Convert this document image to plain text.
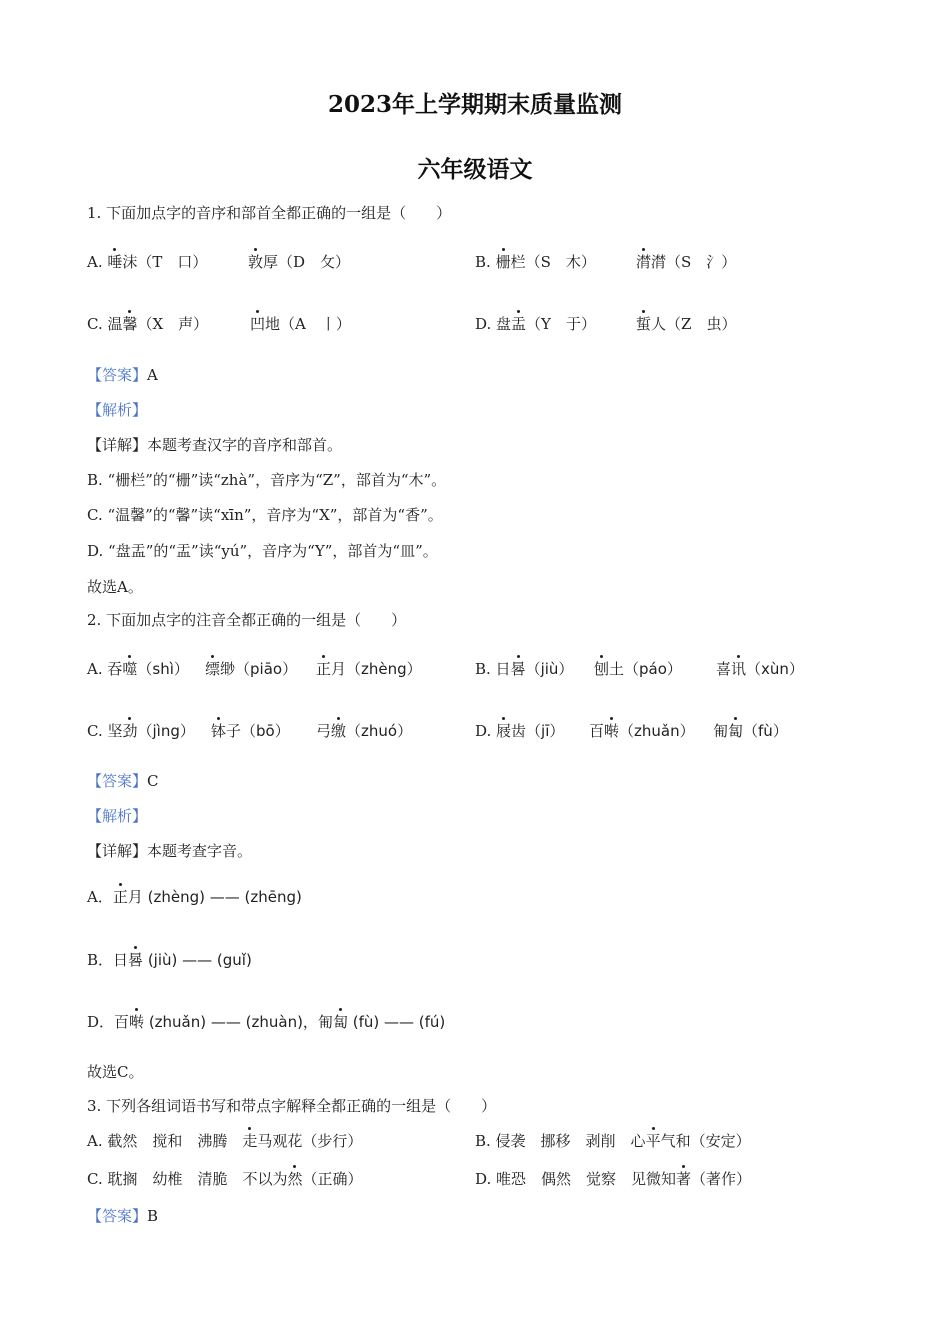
2023年上学期期末质量监测
六年级语文
1. 下面加点字的音序和部首全都正确的一组是（　　）
A. 唾沫（T　口）	敦厚（D　攵）	B. 栅栏（S　木）	潸潸（S　氵）
C. 温馨（X　声）	凹地（A　丨）	D. 盘盂（Y　于）	蜇人（Z　虫）
【答案】A
【解析】
【详解】本题考查汉字的音序和部首。
B. “栅栏”的“栅”读“zhà”，音序为“Z”，部首为“木”。
C. “温馨”的“馨”读“xīn”，音序为“X”，部首为“香”。
D. “盘盂”的“盂”读“yú”，音序为“Y”，部首为“皿”。
故选A。
2. 下面加点字的注音全都正确的一组是（　　）
A. 吞噬（shì） 缥缈（piāo） 正月（zhèng）	B. 日晷（jiù） 刨土（páo） 喜讯（xùn）
C. 坚劲（jìng） 钵子（bō） 弓缴（zhuó）	D. 屐齿（jī） 百啭（zhuǎn） 匍匐（fù）
【答案】C
【解析】
【详解】本题考查字音。
A．正月 (zhèng) —— (zhēng)
B．日晷 (jiù) —— (guǐ)
D．百啭 (zhuǎn) —— (zhuàn)，匍匐 (fù) —— (fú)
故选C。
3. 下列各组词语书写和带点字解释全都正确的一组是（　　）
A. 截然　搅和　沸腾　走马观花（步行）	B. 侵袭　挪移　剥削　心平气和（安定）
C. 耽搁　幼椎　清脆　不以为然（正确）	D. 唯恐　偶然　觉察　见微知著（著作）
【答案】B
